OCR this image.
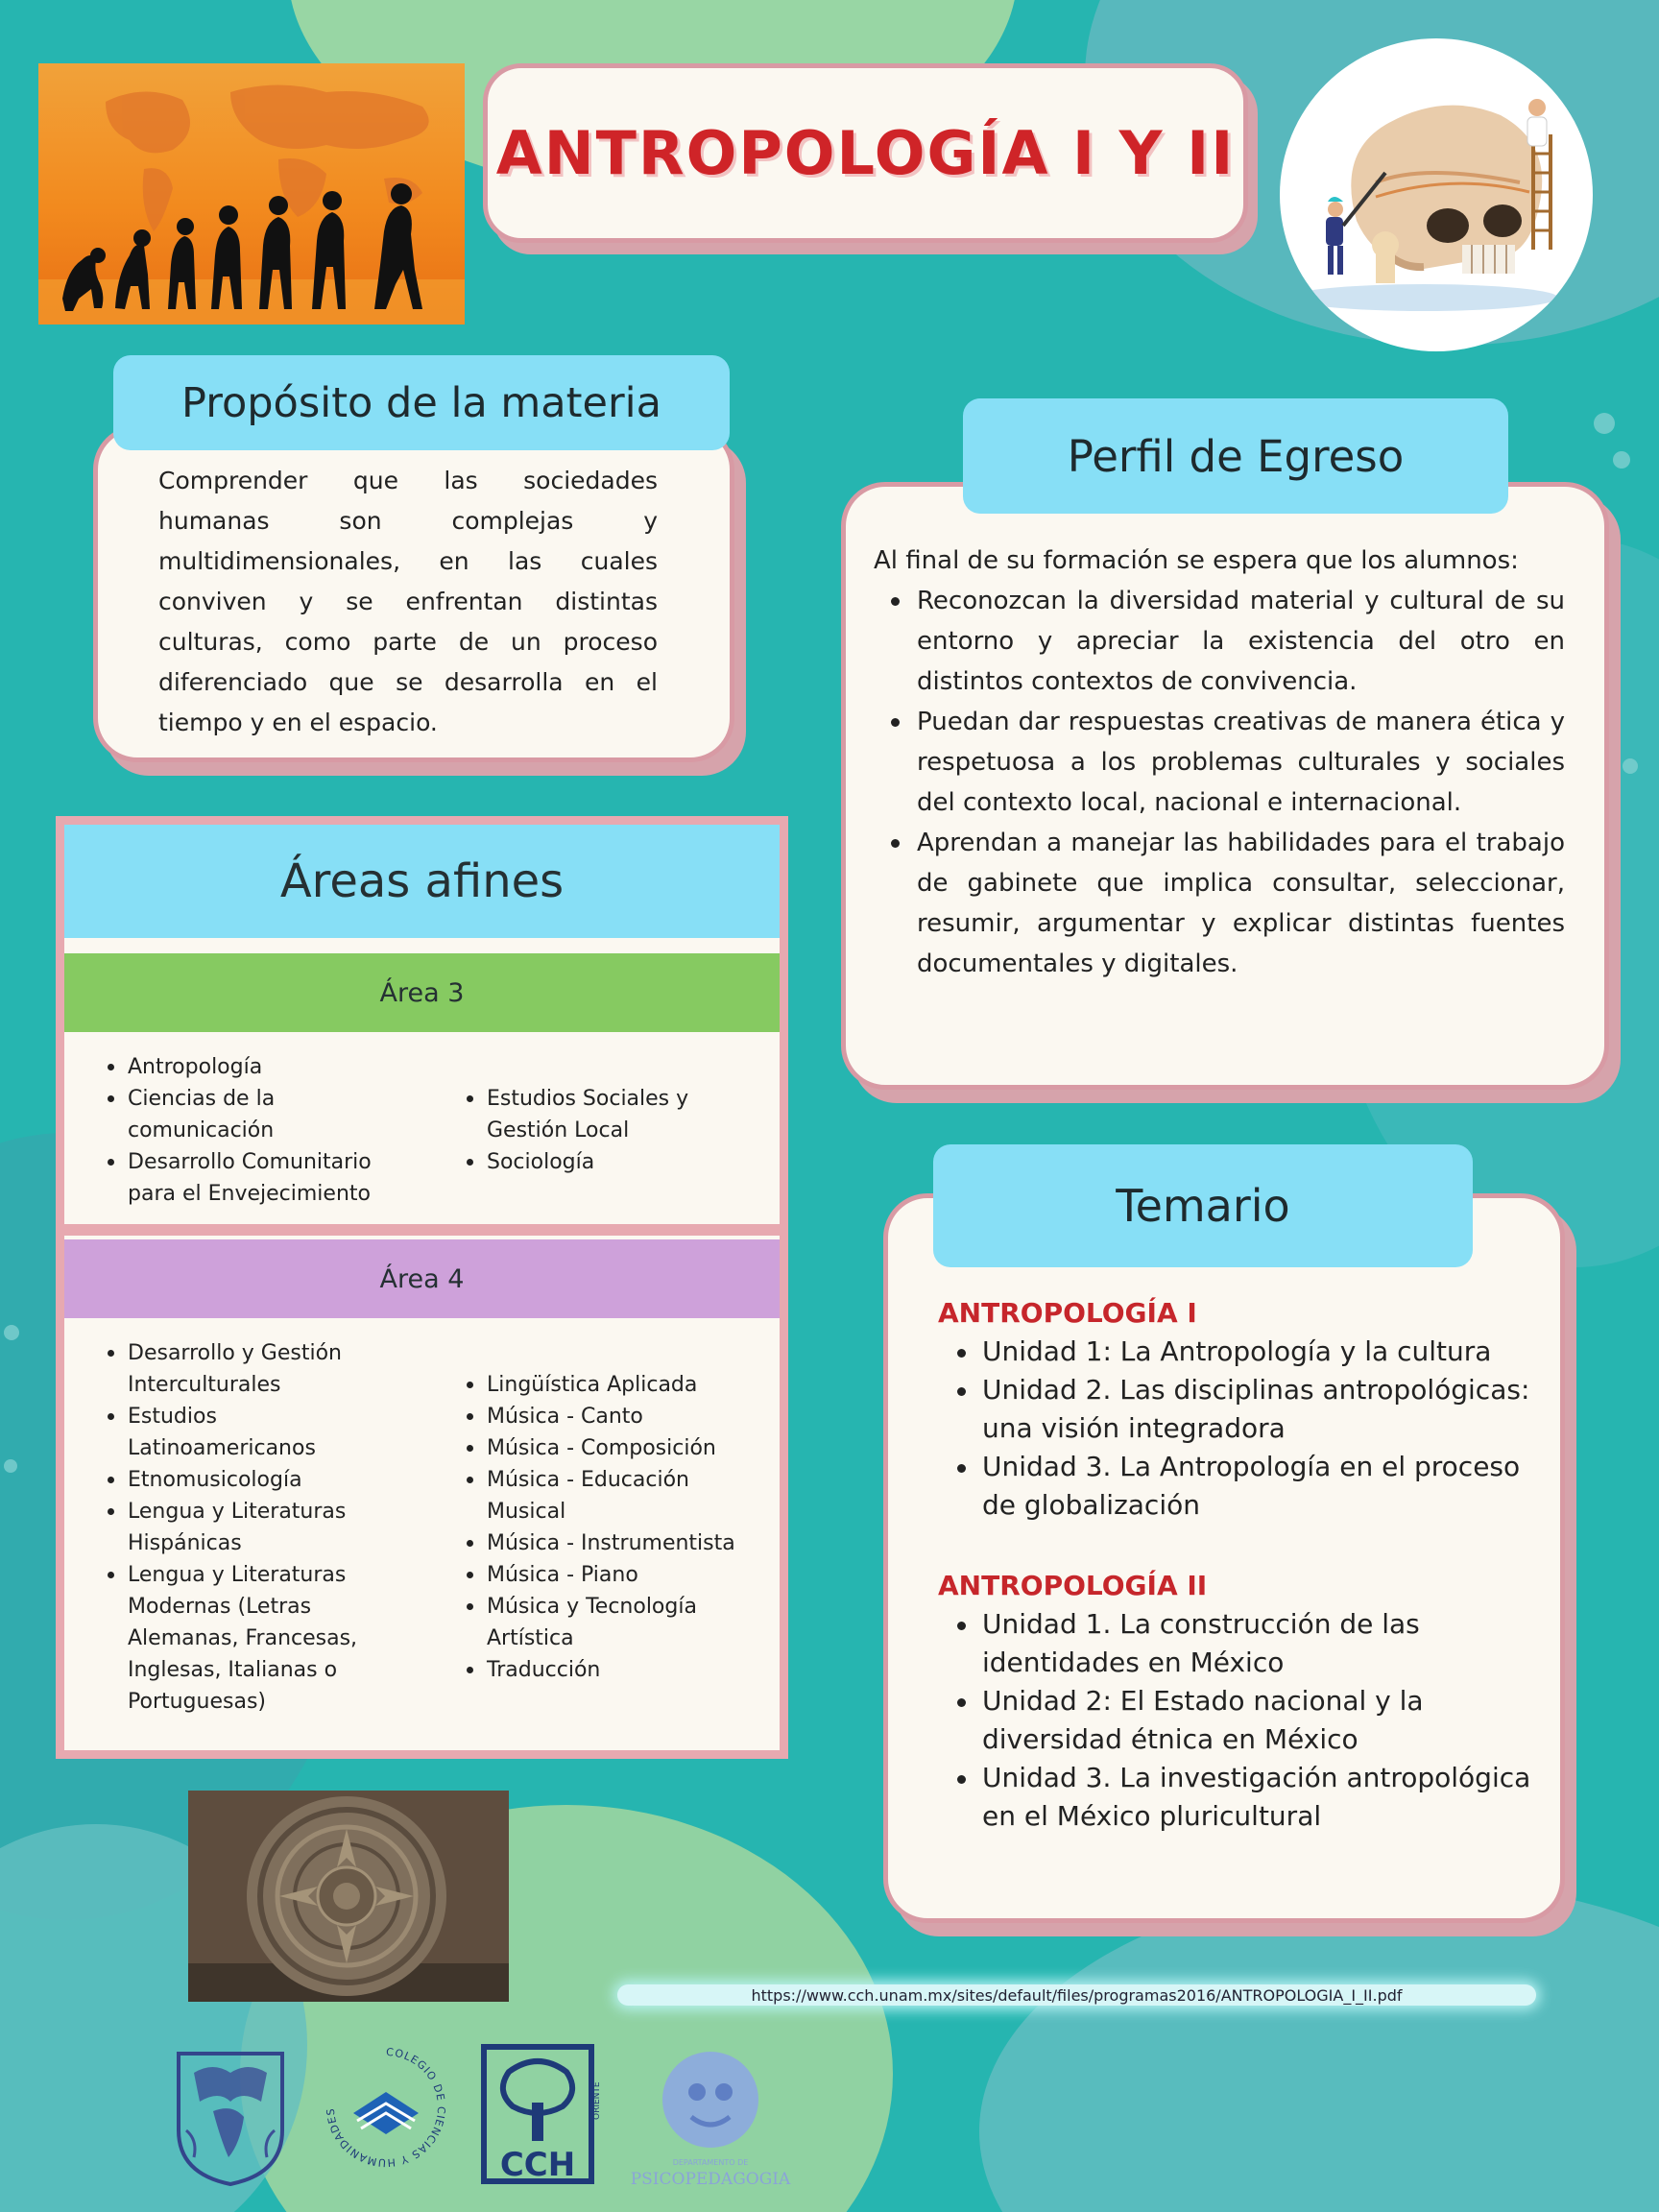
ANTROPOLOGÍA I Y II
Propósito de la materia
Comprender que las sociedades humanas son complejas y multidimensionales, en las cuales conviven y se enfrentan distintas culturas, como parte de un proceso diferenciado que se desarrolla en el tiempo y en el espacio.
Perfil de Egreso
Al final de su formación se espera que los alumnos:
Reconozcan la diversidad material y cultural de su entorno y apreciar la existencia del otro en distintos contextos de convivencia.
Puedan dar respuestas creativas de manera ética y respetuosa a los problemas culturales y sociales del contexto local, nacional e internacional.
Aprendan a manejar las habilidades para el trabajo de gabinete que implica consultar, seleccionar, resumir, argumentar y explicar distintas fuentes documentales y digitales.
Áreas afines
Área 3
Antropología
Ciencias de la comunicación
Desarrollo Comunitario para el Envejecimiento
Estudios Sociales y Gestión Local
Sociología
Área 4
Desarrollo y Gestión Interculturales
Estudios Latinoamericanos
Etnomusicología
Lengua y Literaturas Hispánicas
Lengua y Literaturas Modernas (Letras Alemanas, Francesas, Inglesas, Italianas o Portuguesas)
Lingüística Aplicada
Música - Canto
Música - Composición
Música - Educación Musical
Música - Instrumentista
Música - Piano
Música y Tecnología Artística
Traducción
Temario
ANTROPOLOGÍA I
Unidad 1: La Antropología y la cultura
Unidad 2. Las disciplinas antropológicas: una visión integradora
Unidad 3. La Antropología en el proceso de globalización
ANTROPOLOGÍA II
Unidad 1. La construcción de las identidades en México
Unidad 2: El Estado nacional y la diversidad étnica en México
Unidad 3. La investigación antropológica en el México pluricultural
https://www.cch.unam.mx/sites/default/files/programas2016/ANTROPOLOGIA_I_II.pdf
COLEGIO DE CIENCIAS Y HUMANIDADES
CCH
ORIENTE
DEPARTAMENTO DE
PSICOPEDAGOGIA
